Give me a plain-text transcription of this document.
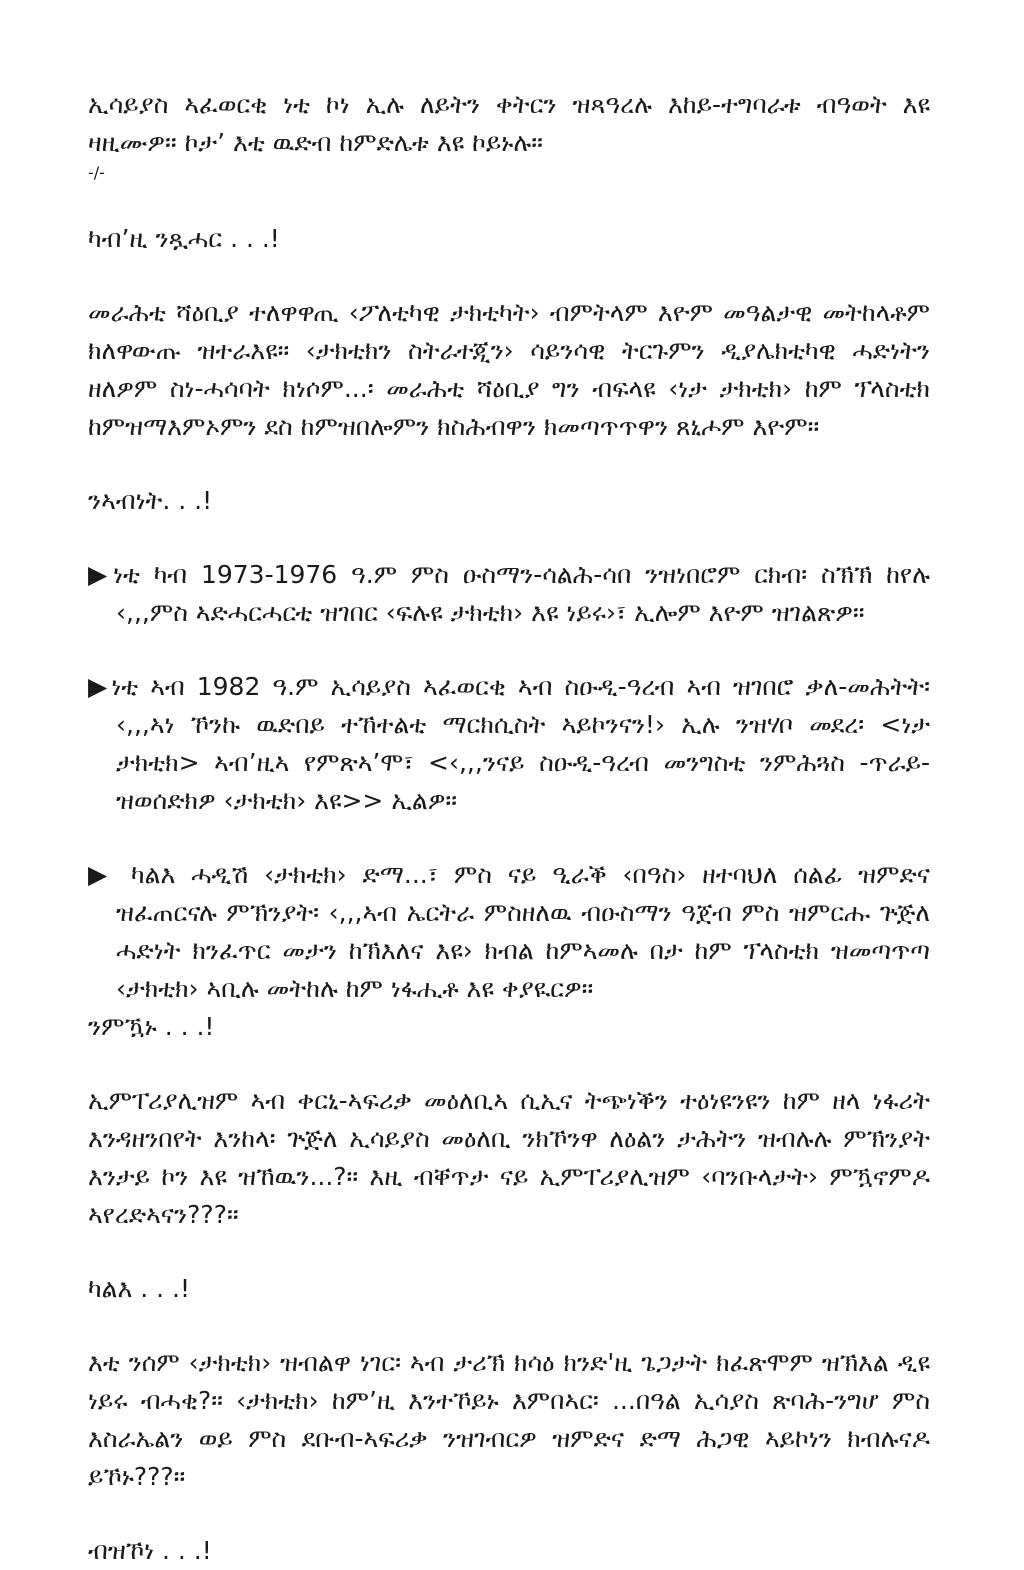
ኢሳይያስ ኣፈወርቂ ነቲ ኮነ ኢሉ ለይትን ቀትርን ዝጻዓረሉ እከይ-ተግባራቱ ብዓወት እዩ ዛዚሙዎ። ኮታ’ እቲ ዉድብ ከምድሌቱ እዩ ኮይኑሉ።

-/-

ካብ’ዚ ንጿሓር . . .!

መራሕቲ ሻዕቢያ ተለዋዋጢ ‹ፖለቲካዊ ታክቲካት› ብምትላም እዮም መዓልታዊ መትከላቶም ክለዋውጡ ዝተራእዩ። ‹ታክቲክን ስትራተጂን› ሳይንሳዊ ትርጉምን ዲያሌክቲካዊ ሓድነትን ዘለዎም ስነ-ሓሳባት ክነሶም...፡ መራሕቲ ሻዕቢያ ግን ብፍላዩ ‹ነታ ታክቲክ› ከም ፕላስቲክ ከምዝማእምኦምን ደስ ከምዝበሎምን ክስሕብዋን ክመጣጥጥዋን ጸኒሖም እዮም።

ንኣብነት. . .!

▶ነቲ ካብ 1973-1976 ዓ.ም ምስ ዑስማን-ሳልሕ-ሳበ ንዝነበሮም ርክብ፡ ስኽኽ ከየሉ ‹,,,ምስ ኣድሓርሓርቲ ዝገበር ‹ፍሉዩ ታክቲክ› እዩ ነይሩ›፣ ኢሎም እዮም ዝገልጽዎ።

▶ነቲ ኣብ 1982 ዓ.ም ኢሳይያስ ኣፈወርቂ ኣብ ስዑዲ-ዓረብ ኣብ ዝገበሮ ቃለ-መሕትት፡ ‹,,,ኣነ ኾንኩ ዉድበይ ተኸተልቲ ማርክሲስት ኣይኮንናን!› ኢሉ ንዝሃቦ መደረ፡ <ነታ ታክቲክ> ኣብ’ዚኣ የምጽኣ’ሞ፣ <‹,,,ንናይ ስዑዲ-ዓረብ መንግስቲ ንምሕጓስ -ጥራይ- ዝወሰድክዎ ‹ታክቲክ› እዩ>> ኢልዎ።

▶ ካልእ ሓዲሽ ‹ታክቲክ› ድማ...፣ ምስ ናይ ዒራቕ ‹በዓስ› ዘተባህለ ሰልፊ ዝምድና ዝፈጠርናሉ ምኽንያት፡ ‹,,,ኣብ ኤርትራ ምስዘለዉ ብዑስማን ዓጀብ ምስ ዝምርሑ ጕጅለ ሓድነት ክንፈጥር መታን ከኽእለና እዩ› ክብል ከምኣመሉ በታ ከም ፕላስቲክ ዝመጣጥጣ ‹ታክቲክ› ኣቢሉ መትከሉ ከም ነፋሒቶ እዩ ቀያዪርዎ።

ንምዃኑ . . .!

ኢምፐሪያሊዝም ኣብ ቀርኒ-ኣፍሪቃ መዕለቢኣ ሲኢና ትጭነቕን ተዕነዩንዩን ከም ዘላ ነፋሪት እንዳዘንበየት እንከላ፡ ጕጅለ ኢሳይያስ መዕለቢ ንክኾንዋ ለዕልን ታሕትን ዝብሉሉ ምኽንያት እንታይ ኮን እዩ ዝኸዉን...?። እዚ ብቐጥታ ናይ ኢምፐሪያሊዝም ‹ባንቡላታት› ምዃኖምዶ ኣየረድኣናን???።

ካልእ . . .!

እቲ ንሰም ‹ታክቲክ› ዝብልዋ ነገር፡ ኣብ ታሪኽ ክሳዕ ክንድ'ዚ ጌጋታት ክፈጽሞም ዝኽእል ዲዩ ነይሩ ብሓቂ?። ‹ታክቲክ› ከም’ዚ እንተኾይኑ እምበኣር፡ ...በዓል ኢሳያስ ጽባሕ-ንግሆ ምስ እስራኤልን ወይ ምስ ደቡብ-ኣፍሪቃ ንዝገብርዎ ዝምድና ድማ ሕጋዊ ኣይኮነን ክብሉናዶ ይኾኑ???።

ብዝኾነ . . .!
